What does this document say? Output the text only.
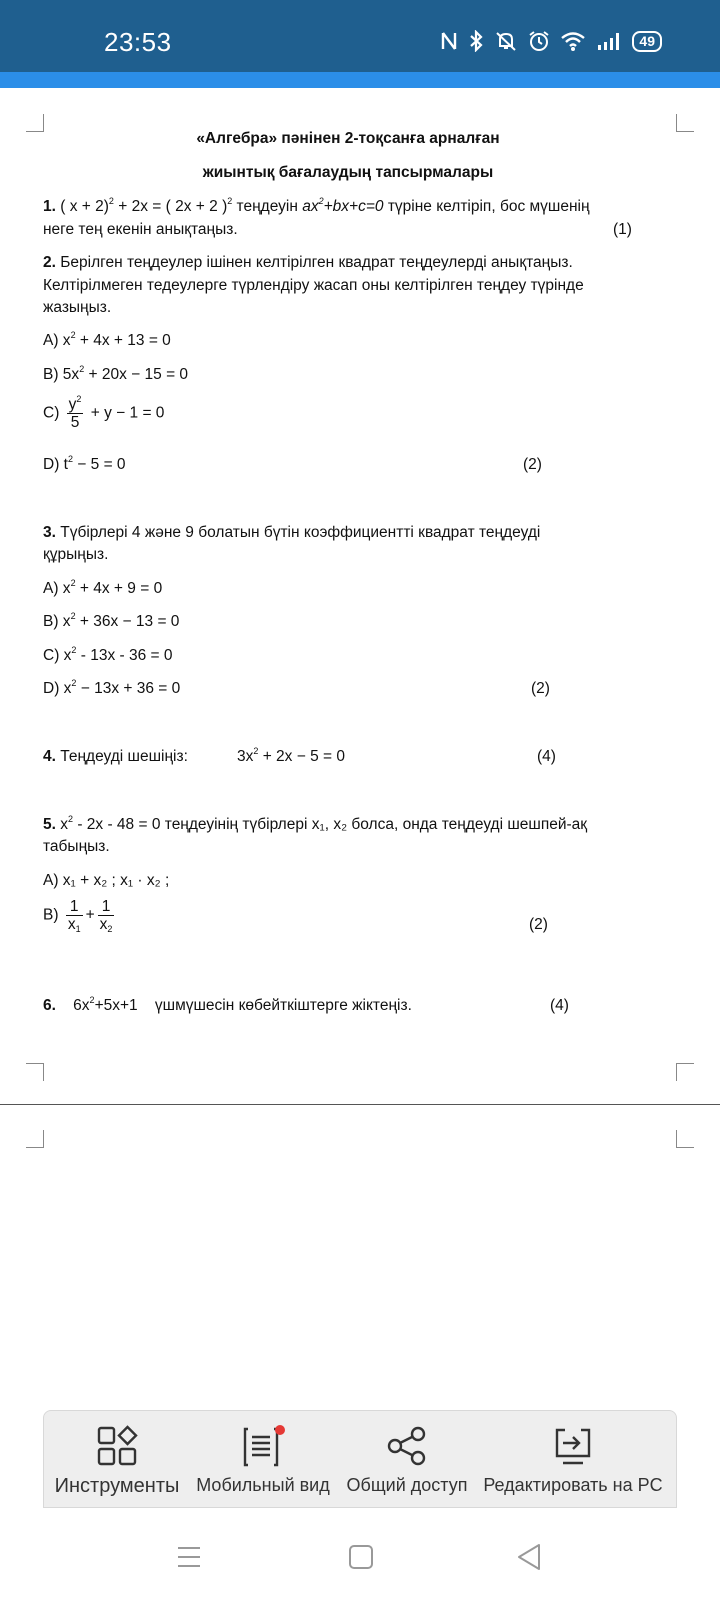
23:53	49
«Алгебра» пәнінен 2-тоқсанға арналған
жиынтық бағалаудың тапсырмалары
1. ( x + 2)$^2$ + 2x = ( 2x + 2 )$^2$ теңдеуін $ax^2+bx+c=0$ түріне келтіріп, бос мүшенің
неге тең екенін анықтаңыз.	(1)
2. Берілген теңдеулер ішінен келтірілген квадрат теңдеулерді анықтаңыз.
Келтірілмеген тедеулерге түрлендіру жасап оны келтірілген теңдеу түрінде
жазыңыз.
A) $x^2 + 4x + 13 = 0$
B) $5x^2 + 20x - 15 = 0$
$C) \frac{y^2}{5} + y - 1 = 0$
D) $t^2 - 5 = 0$	(2)
3. Түбірлері 4 және 9 болатын бүтін коэффициентті квадрат теңдеуді
құрыңыз.
A) $x^2 + 4x + 9 = 0$
B) $x^2 + 36x - 13 = 0$
C) $x^2 - 13x - 36 = 0$
D) $x^2 - 13x + 36 = 0$	(2)
4. Теңдеуді шешіңіз:	$3x^2 + 2x - 5 = 0$	(4)
5. $x^2 - 2x - 48 = 0$ теңдеуінің түбірлері x₁, x₂ болса, онда теңдеуді шешпей-ақ
табыңыз.
A) x₁ + x₂ ; x₁ · x₂ ;
$B) \frac{1}{x_1} + \frac{1}{x_2}$	(2)
6. $6x^2+5x+1$ үшмүшесін көбейткіштерге жіктеңіз.	(4)
Инструменты Мобильный вид Общий доступ Редактировать на PC
